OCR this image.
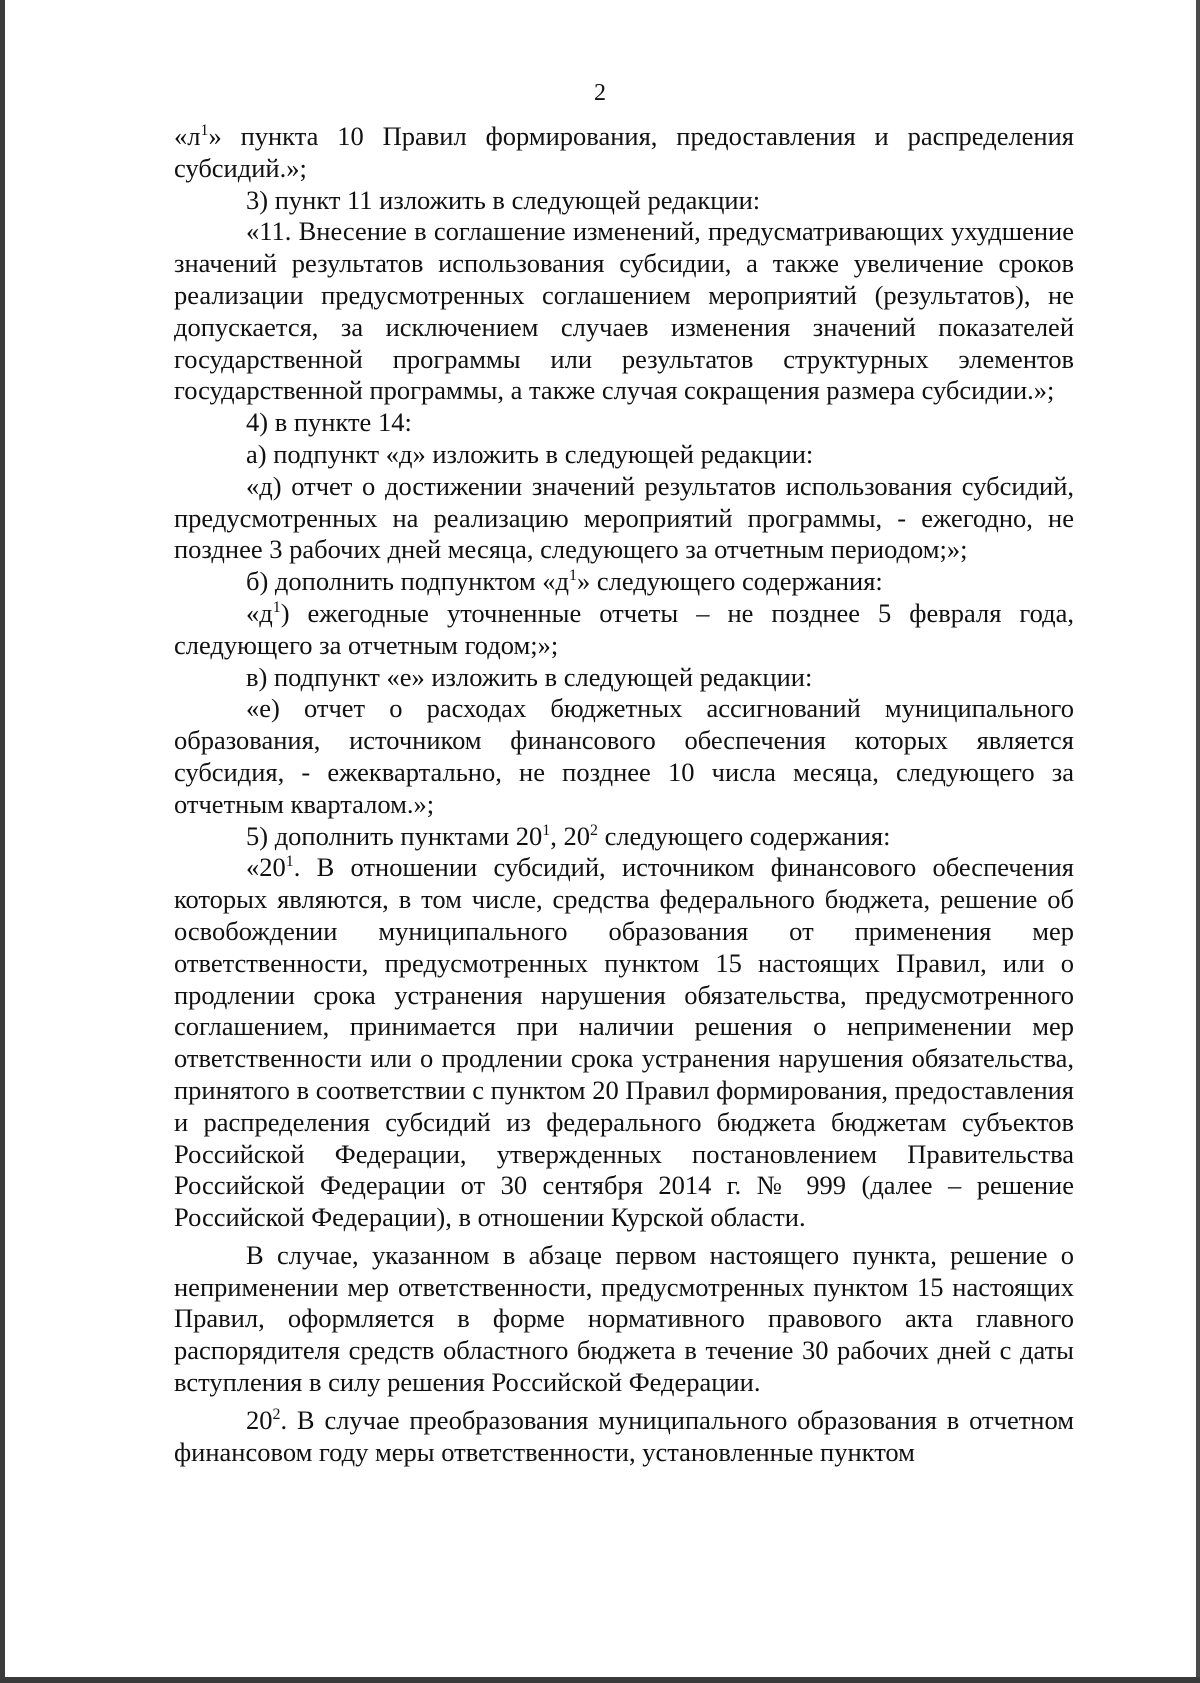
2

«$л^1$» пункта 10 Правил формирования, предоставления и распределения субсидий.»;

3) пункт 11 изложить в следующей редакции:

«11. Внесение в соглашение изменений, предусматривающих ухудшение значений результатов использования субсидии, а также увеличение сроков реализации предусмотренных соглашением мероприятий (результатов), не допускается, за исключением случаев изменения значений показателей государственной программы или результатов структурных элементов государственной программы, а также случая сокращения размера субсидии.»;

4) в пункте 14:

а) подпункт «д» изложить в следующей редакции:

«д) отчет о достижении значений результатов использования субсидий, предусмотренных на реализацию мероприятий программы, - ежегодно, не позднее 3 рабочих дней месяца, следующего за отчетным периодом;»;

б) дополнить подпунктом «$д^1$» следующего содержания:

«$д^1$) ежегодные уточненные отчеты – не позднее 5 февраля года, следующего за отчетным годом;»;

в) подпункт «е» изложить в следующей редакции:

«е) отчет о расходах бюджетных ассигнований муниципального образования, источником финансового обеспечения которых является субсидия, - ежеквартально, не позднее 10 числа месяца, следующего за отчетным кварталом.»;

5) дополнить пунктами $20^1$, $20^2$ следующего содержания:

«$20^1$. В отношении субсидий, источником финансового обеспечения которых являются, в том числе, средства федерального бюджета, решение об освобождении муниципального образования от применения мер ответственности, предусмотренных пунктом 15 настоящих Правил, или о продлении срока устранения нарушения обязательства, предусмотренного соглашением, принимается при наличии решения о неприменении мер ответственности или о продлении срока устранения нарушения обязательства, принятого в соответствии с пунктом 20 Правил формирования, предоставления и распределения субсидий из федерального бюджета бюджетам субъектов Российской Федерации, утвержденных постановлением Правительства Российской Федерации от 30 сентября 2014 г. № 999 (далее – решение Российской Федерации), в отношении Курской области.

В случае, указанном в абзаце первом настоящего пункта, решение о неприменении мер ответственности, предусмотренных пунктом 15 настоящих Правил, оформляется в форме нормативного правового акта главного распорядителя средств областного бюджета в течение 30 рабочих дней с даты вступления в силу решения Российской Федерации.

$20^2$. В случае преобразования муниципального образования в отчетном финансовом году меры ответственности, установленные пунктом
